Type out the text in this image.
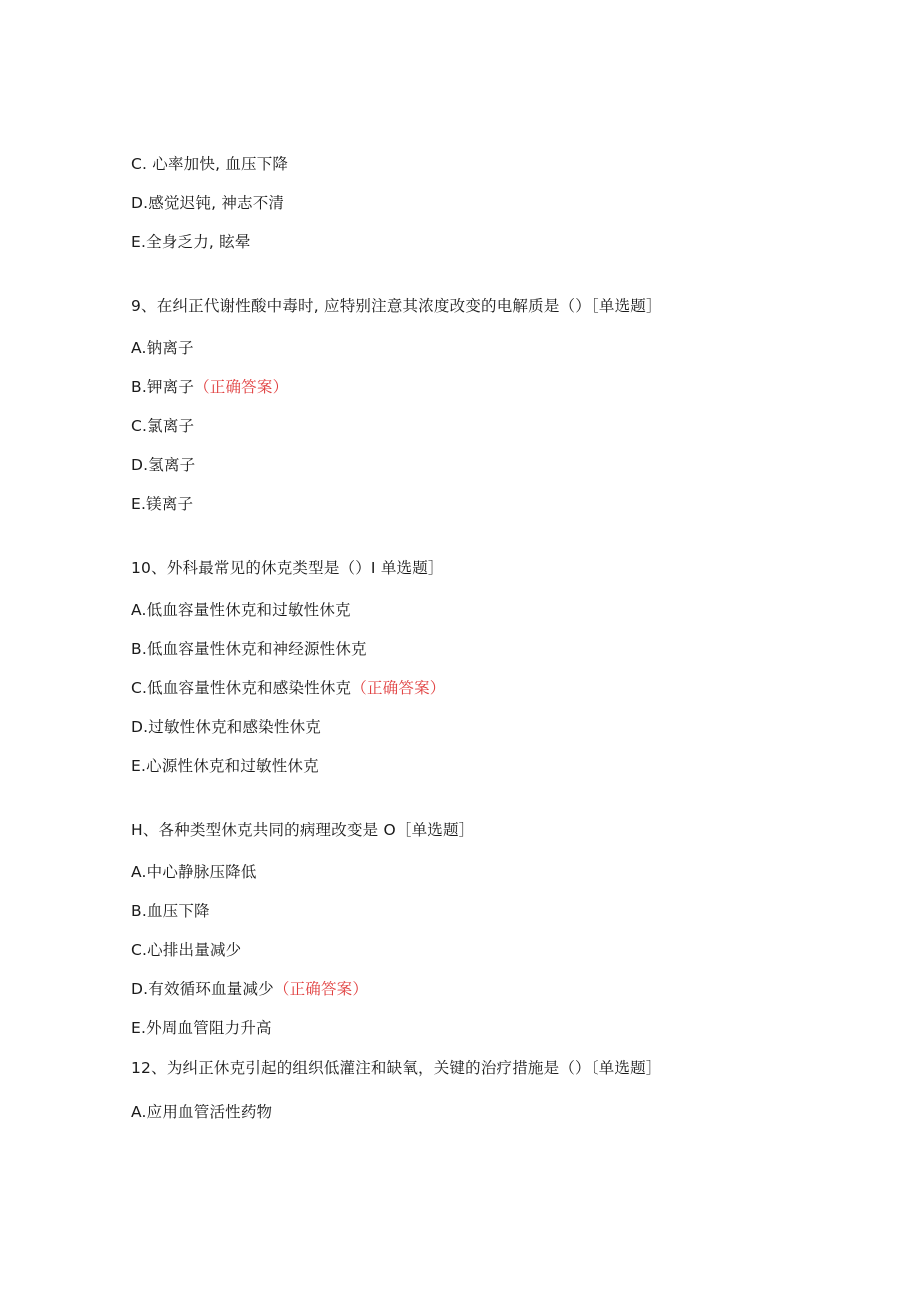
C. 心率加快, 血压下降
D.感觉迟钝, 神志不清
E.全身乏力, 眩晕
9、在纠正代谢性酸中毒时, 应特别注意其浓度改变的电解质是（）［单选题］
A.钠离子
B.钾离子（正确答案）
C.氯离子
D.氢离子
E.镁离子
10、外科最常见的休克类型是（）I 单选题］
A.低血容量性休克和过敏性休克
B.低血容量性休克和神经源性休克
C.低血容量性休克和感染性休克（正确答案）
D.过敏性休克和感染性休克
E.心源性休克和过敏性休克
H、各种类型休克共同的病理改变是 O［单选题］
A.中心静脉压降低
B.血压下降
C.心排出量减少
D.有效循环血量减少（正确答案）
E.外周血管阻力升高
12、为纠正休克引起的组织低灌注和缺氧，关键的治疗措施是（）〔单选题］
A.应用血管活性药物
